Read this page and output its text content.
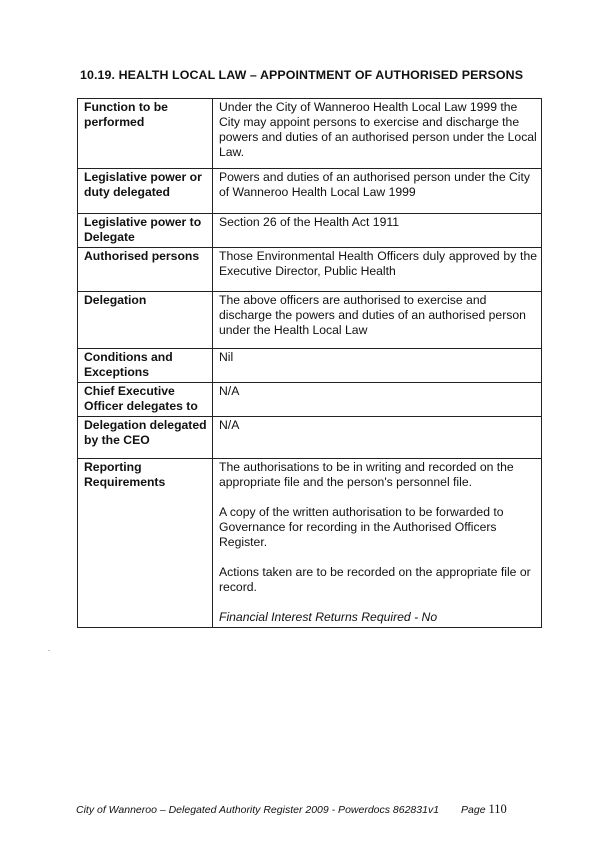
10.19. HEALTH LOCAL LAW – APPOINTMENT OF AUTHORISED PERSONS
Function to be performed	Under the City of Wanneroo Health Local Law 1999 the City may appoint persons to exercise and discharge the powers and duties of an authorised person under the Local Law.

Legislative power or duty delegated	Powers and duties of an authorised person under the City of Wanneroo Health Local Law 1999

Legislative power to Delegate	Section 26 of the Health Act 1911

Authorised persons	Those Environmental Health Officers duly approved by the Executive Director, Public Health

Delegation	The above officers are authorised to exercise and discharge the powers and duties of an authorised person under the Health Local Law

Conditions and Exceptions	Nil

Chief Executive Officer delegates to	N/A

Delegation delegated by the CEO	N/A

Reporting Requirements	The authorisations to be in writing and recorded on the appropriate file and the person's personnel file.

A copy of the written authorisation to be forwarded to Governance for recording in the Authorised Officers Register.

Actions taken are to be recorded on the appropriate file or record.

Financial Interest Returns Required - No

City of Wanneroo – Delegated Authority Register 2009 - Powerdocs 862831v1 Page 110
